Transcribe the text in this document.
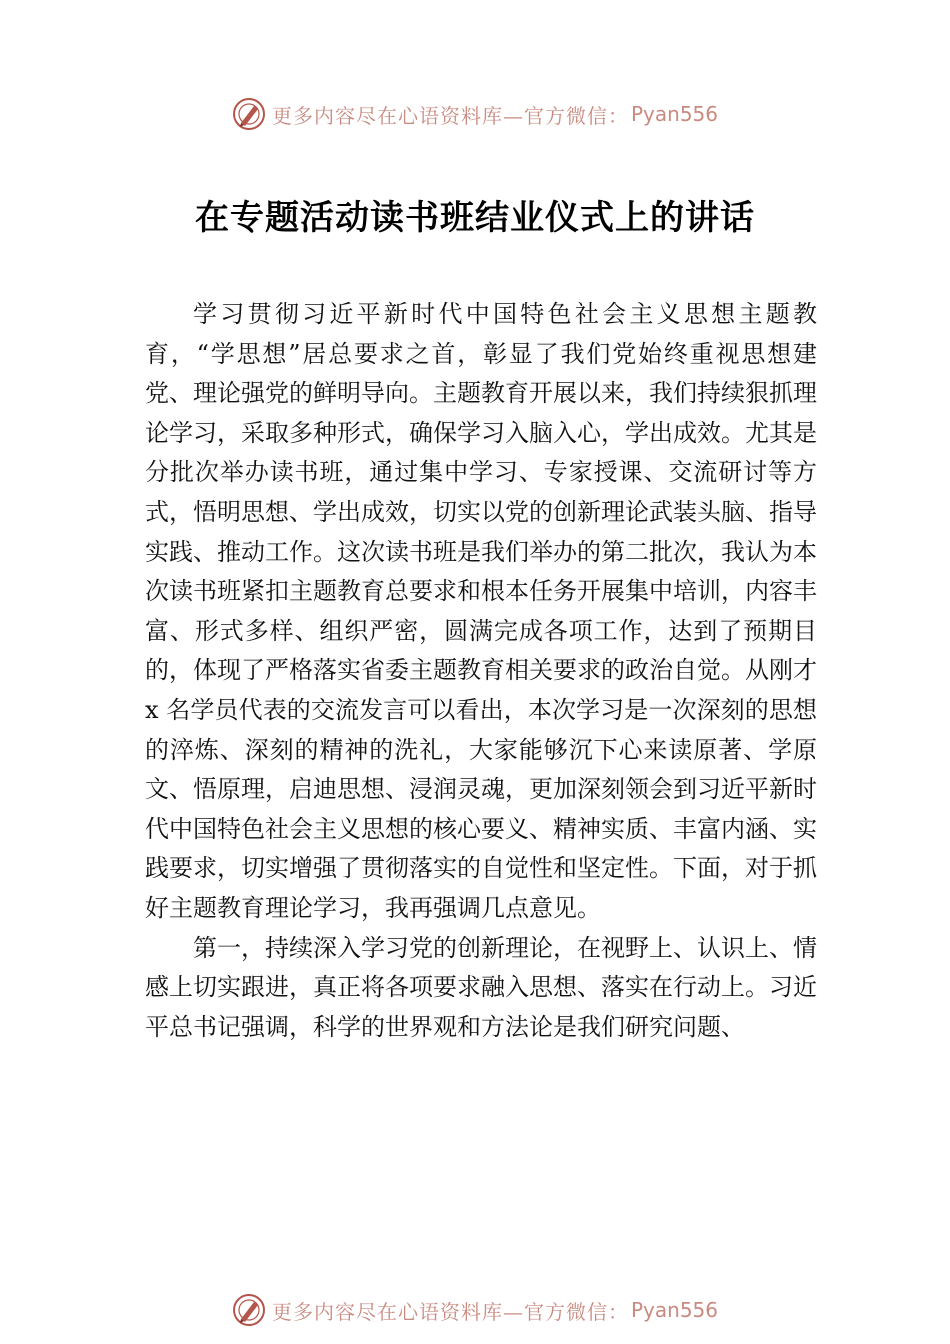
更多内容尽在心语资料库—官方微信： Pyan556
在专题活动读书班结业仪式上的讲话

学习贯彻习近平新时代中国特色社会主义思想主题教育，“学思想”居总要求之首，彰显了我们党始终重视思想建党、理论强党的鲜明导向。主题教育开展以来，我们持续狠抓理论学习，采取多种形式，确保学习入脑入心，学出成效。尤其是分批次举办读书班，通过集中学习、专家授课、交流研讨等方式，悟明思想、学出成效，切实以党的创新理论武装头脑、指导实践、推动工作。这次读书班是我们举办的第二批次，我认为本次读书班紧扣主题教育总要求和根本任务开展集中培训，内容丰富、形式多样、组织严密，圆满完成各项工作，达到了预期目的，体现了严格落实省委主题教育相关要求的政治自觉。从刚才 x 名学员代表的交流发言可以看出，本次学习是一次深刻的思想的淬炼、深刻的精神的洗礼，大家能够沉下心来读原著、学原文、悟原理，启迪思想、浸润灵魂，更加深刻领会到习近平新时代中国特色社会主义思想的核心要义、精神实质、丰富内涵、实践要求，切实增强了贯彻落实的自觉性和坚定性。下面，对于抓好主题教育理论学习，我再强调几点意见。

第一，持续深入学习党的创新理论，在视野上、认识上、情感上切实跟进，真正将各项要求融入思想、落实在行动上。习近平总书记强调，科学的世界观和方法论是我们研究问题、

更多内容尽在心语资料库—官方微信： Pyan556
